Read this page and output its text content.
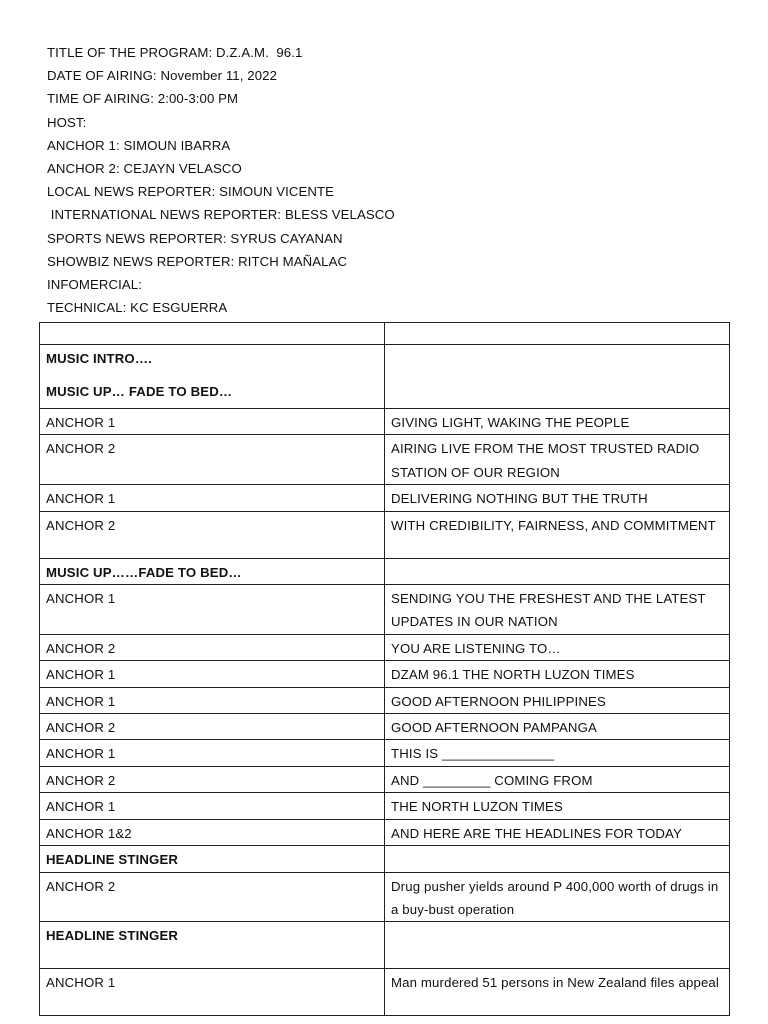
TITLE OF THE PROGRAM: D.Z.A.M.  96.1
DATE OF AIRING: November 11, 2022
TIME OF AIRING: 2:00-3:00 PM
HOST:
ANCHOR 1: SIMOUN IBARRA
ANCHOR 2: CEJAYN VELASCO
LOCAL NEWS REPORTER: SIMOUN VICENTE
INTERNATIONAL NEWS REPORTER: BLESS VELASCO
SPORTS NEWS REPORTER: SYRUS CAYANAN
SHOWBIZ NEWS REPORTER: RITCH MAÑALAC
INFOMERCIAL:
TECHNICAL: KC ESGUERRA

MUSIC INTRO….
MUSIC UP… FADE TO BED…	

ANCHOR 1	GIVING LIGHT, WAKING THE PEOPLE

ANCHOR 2	AIRING LIVE FROM THE MOST TRUSTED RADIO STATION OF OUR REGION

ANCHOR 1	DELIVERING NOTHING BUT THE TRUTH

ANCHOR 2	WITH CREDIBILITY, FAIRNESS, AND COMMITMENT

MUSIC UP……FADE TO BED…	

ANCHOR 1	SENDING YOU THE FRESHEST AND THE LATEST UPDATES IN OUR NATION

ANCHOR 2	YOU ARE LISTENING TO…

ANCHOR 1	DZAM 96.1 THE NORTH LUZON TIMES

ANCHOR 1	GOOD AFTERNOON PHILIPPINES

ANCHOR 2	GOOD AFTERNOON PAMPANGA

ANCHOR 1	THIS IS _______________

ANCHOR 2	AND _________ COMING FROM

ANCHOR 1	THE NORTH LUZON TIMES

ANCHOR 1&2	AND HERE ARE THE HEADLINES FOR TODAY

HEADLINE STINGER	

ANCHOR 2	Drug pusher yields around P 400,000 worth of drugs in a buy-bust operation

HEADLINE STINGER	

ANCHOR 1	Man murdered 51 persons in New Zealand files appeal
